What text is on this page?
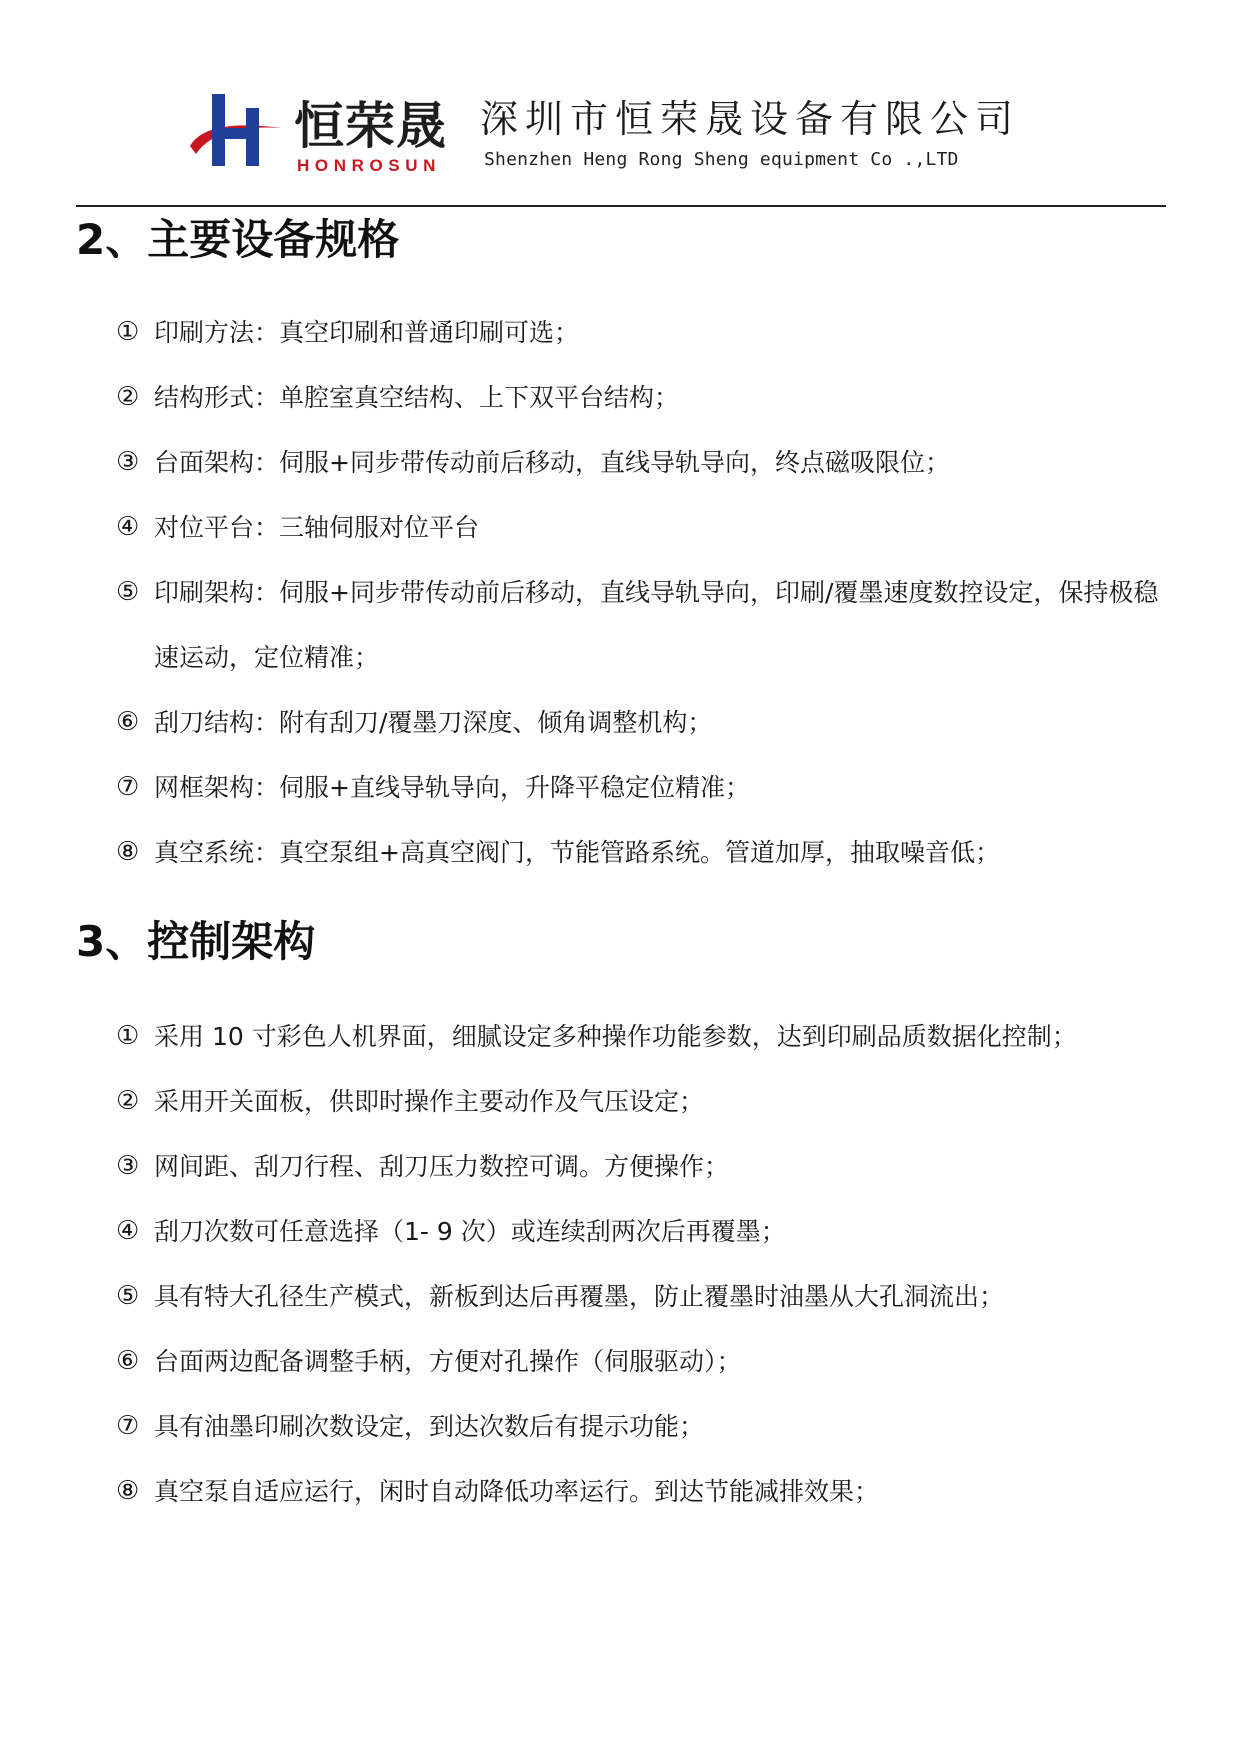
恒荣晟
HONROSUN
深圳市恒荣晟设备有限公司
Shenzhen Heng Rong Sheng equipment Co .,LTD
2、主要设备规格
① 印刷方法：真空印刷和普通印刷可选；
② 结构形式：单腔室真空结构、上下双平台结构；
③ 台面架构：伺服+同步带传动前后移动，直线导轨导向，终点磁吸限位；
④ 对位平台：三轴伺服对位平台
⑤ 印刷架构：伺服+同步带传动前后移动，直线导轨导向，印刷/覆墨速度数控设定，保持极稳速运动，定位精准；
⑥ 刮刀结构：附有刮刀/覆墨刀深度、倾角调整机构；
⑦ 网框架构：伺服+直线导轨导向，升降平稳定位精准；
⑧ 真空系统：真空泵组+高真空阀门，节能管路系统。管道加厚，抽取噪音低；
3、控制架构
① 采用 10 寸彩色人机界面，细腻设定多种操作功能参数，达到印刷品质数据化控制；
② 采用开关面板，供即时操作主要动作及气压设定；
③ 网间距、刮刀行程、刮刀压力数控可调。方便操作；
④ 刮刀次数可任意选择（1- 9 次）或连续刮两次后再覆墨；
⑤ 具有特大孔径生产模式，新板到达后再覆墨，防止覆墨时油墨从大孔洞流出；
⑥ 台面两边配备调整手柄，方便对孔操作（伺服驱动）；
⑦ 具有油墨印刷次数设定，到达次数后有提示功能；
⑧ 真空泵自适应运行，闲时自动降低功率运行。到达节能减排效果；
